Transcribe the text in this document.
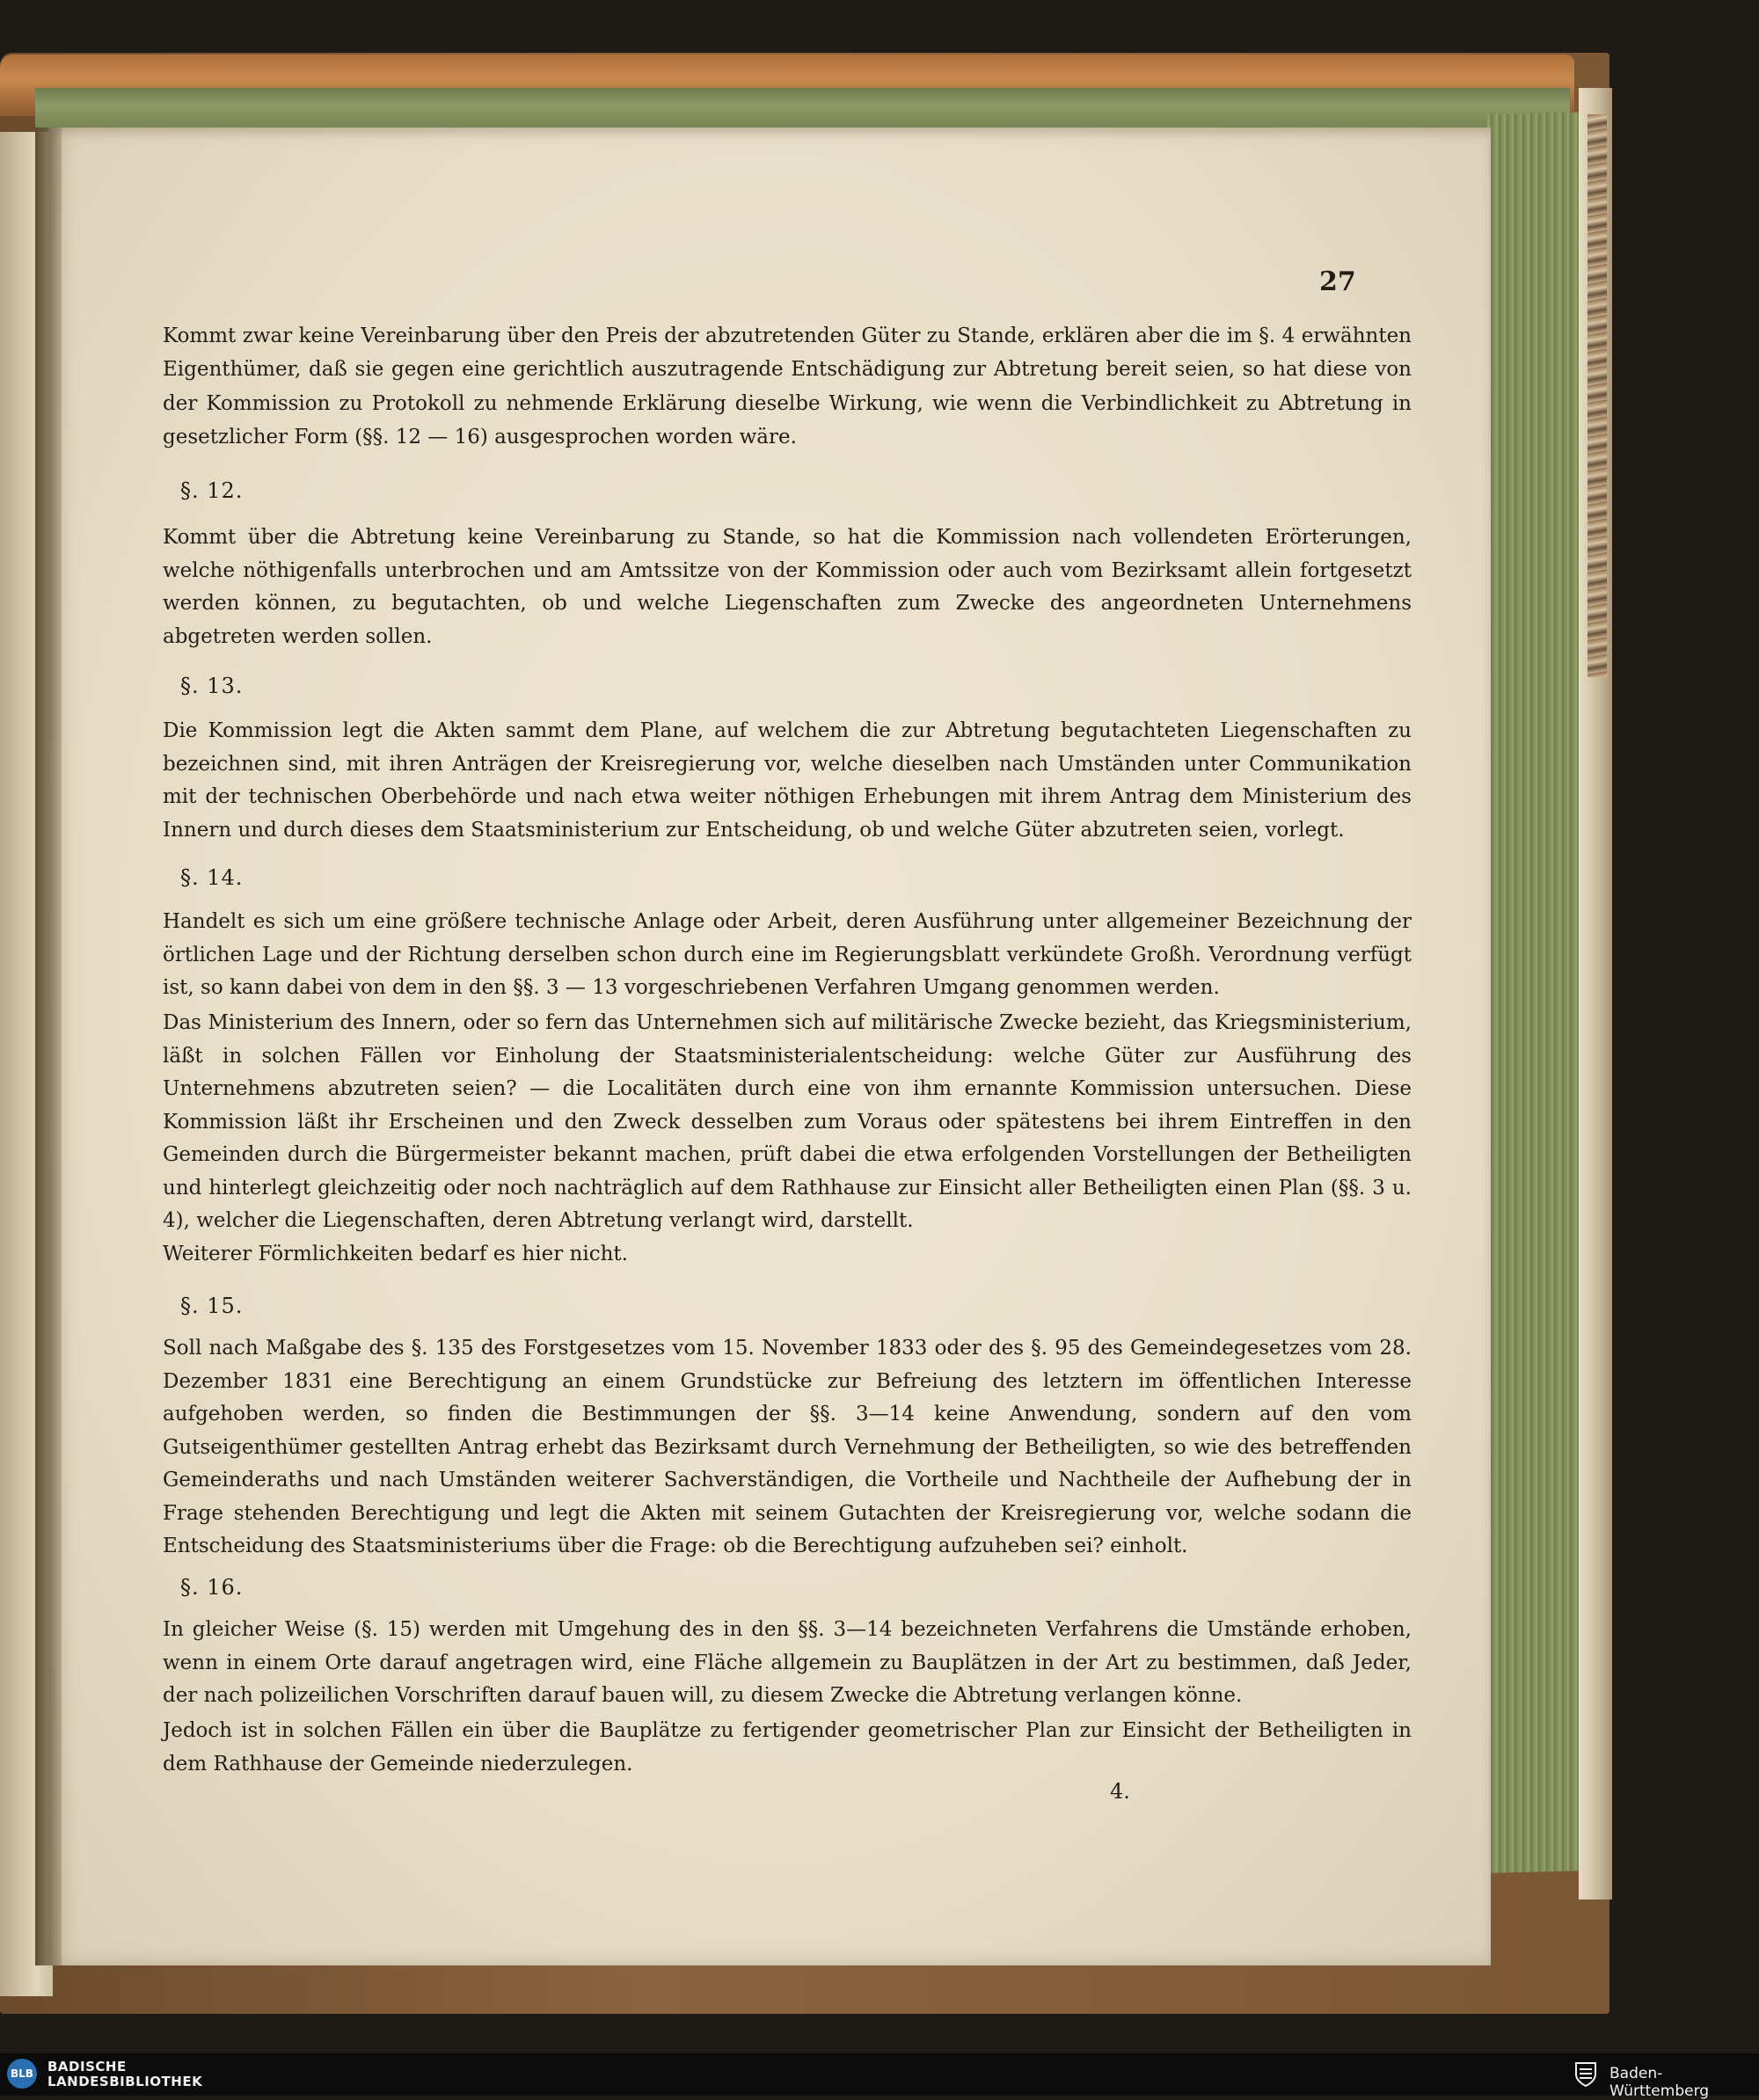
27

Kommt zwar keine Vereinbarung über den Preis der abzutretenden Güter zu Stande, erklären aber die im §. 4 erwähnten Eigenthümer, daß sie gegen eine gerichtlich auszutragende Entschädigung zur Abtretung bereit seien, so hat diese von der Kommission zu Protokoll zu nehmende Erklärung dieselbe Wirkung, wie wenn die Verbindlichkeit zu Abtretung in gesetzlicher Form (§§. 12 — 16) ausgesprochen worden wäre.

§. 12.

Kommt über die Abtretung keine Vereinbarung zu Stande, so hat die Kommission nach vollendeten Erörterungen, welche nöthigenfalls unterbrochen und am Amtssitze von der Kommission oder auch vom Bezirksamt allein fortgesetzt werden können, zu begutachten, ob und welche Liegenschaften zum Zwecke des angeordneten Unternehmens abgetreten werden sollen.

§. 13.

Die Kommission legt die Akten sammt dem Plane, auf welchem die zur Abtretung begutachteten Liegenschaften zu bezeichnen sind, mit ihren Anträgen der Kreisregierung vor, welche dieselben nach Umständen unter Communikation mit der technischen Oberbehörde und nach etwa weiter nöthigen Erhebungen mit ihrem Antrag dem Ministerium des Innern und durch dieses dem Staatsministerium zur Entscheidung, ob und welche Güter abzutreten seien, vorlegt.

§. 14.

Handelt es sich um eine größere technische Anlage oder Arbeit, deren Ausführung unter allgemeiner Bezeichnung der örtlichen Lage und der Richtung derselben schon durch eine im Regierungsblatt verkündete Großh. Verordnung verfügt ist, so kann dabei von dem in den §§. 3 — 13 vorgeschriebenen Verfahren Umgang genommen werden.

Das Ministerium des Innern, oder so fern das Unternehmen sich auf militärische Zwecke bezieht, das Kriegsministerium, läßt in solchen Fällen vor Einholung der Staatsministerialentscheidung: welche Güter zur Ausführung des Unternehmens abzutreten seien? — die Localitäten durch eine von ihm ernannte Kommission untersuchen. Diese Kommission läßt ihr Erscheinen und den Zweck desselben zum Voraus oder spätestens bei ihrem Eintreffen in den Gemeinden durch die Bürgermeister bekannt machen, prüft dabei die etwa erfolgenden Vorstellungen der Betheiligten und hinterlegt gleichzeitig oder noch nachträglich auf dem Rathhause zur Einsicht aller Betheiligten einen Plan (§§. 3 u. 4), welcher die Liegenschaften, deren Abtretung verlangt wird, darstellt.

Weiterer Förmlichkeiten bedarf es hier nicht.

§. 15.

Soll nach Maßgabe des §. 135 des Forstgesetzes vom 15. November 1833 oder des §. 95 des Gemeindegesetzes vom 28. Dezember 1831 eine Berechtigung an einem Grundstücke zur Befreiung des letztern im öffentlichen Interesse aufgehoben werden, so finden die Bestimmungen der §§. 3—14 keine Anwendung, sondern auf den vom Gutseigenthümer gestellten Antrag erhebt das Bezirksamt durch Vernehmung der Betheiligten, so wie des betreffenden Gemeinderaths und nach Umständen weiterer Sachverständigen, die Vortheile und Nachtheile der Aufhebung der in Frage stehenden Berechtigung und legt die Akten mit seinem Gutachten der Kreisregierung vor, welche sodann die Entscheidung des Staatsministeriums über die Frage: ob die Berechtigung aufzuheben sei? einholt.

§. 16.

In gleicher Weise (§. 15) werden mit Umgehung des in den §§. 3—14 bezeichneten Verfahrens die Umstände erhoben, wenn in einem Orte darauf angetragen wird, eine Fläche allgemein zu Bauplätzen in der Art zu bestimmen, daß Jeder, der nach polizeilichen Vorschriften darauf bauen will, zu diesem Zwecke die Abtretung verlangen könne.

Jedoch ist in solchen Fällen ein über die Bauplätze zu fertigender geometrischer Plan zur Einsicht der Betheiligten in dem Rathhause der Gemeinde niederzulegen.

4.
BLB BADISCHE
LANDESBIBLIOTHEK	Baden-Württemberg
